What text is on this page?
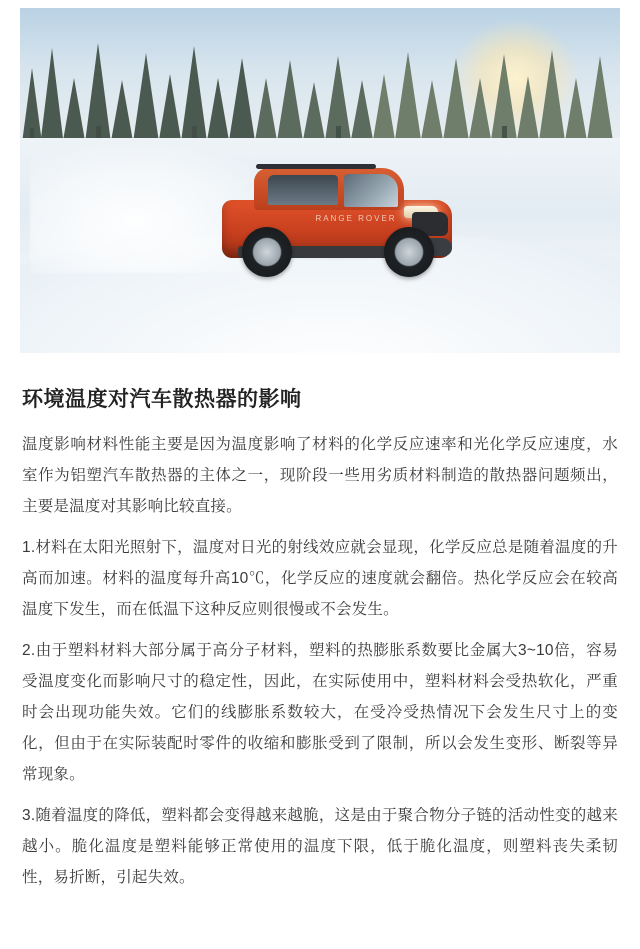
RANGE ROVER
环境温度对汽车散热器的影响

温度影响材料性能主要是因为温度影响了材料的化学反应速率和光化学反应速度，水室作为铝塑汽车散热器的主体之一，现阶段一些用劣质材料制造的散热器问题频出，主要是温度对其影响比较直接。

1.材料在太阳光照射下，温度对日光的射线效应就会显现，化学反应总是随着温度的升高而加速。材料的温度每升高10℃，化学反应的速度就会翻倍。热化学反应会在较高温度下发生，而在低温下这种反应则很慢或不会发生。

2.由于塑料材料大部分属于高分子材料，塑料的热膨胀系数要比金属大3~10倍，容易受温度变化而影响尺寸的稳定性，因此，在实际使用中，塑料材料会受热软化，严重时会出现功能失效。它们的线膨胀系数较大，在受冷受热情况下会发生尺寸上的变化，但由于在实际装配时零件的收缩和膨胀受到了限制，所以会发生变形、断裂等异常现象。

3.随着温度的降低，塑料都会变得越来越脆，这是由于聚合物分子链的活动性变的越来越小。脆化温度是塑料能够正常使用的温度下限，低于脆化温度，则塑料丧失柔韧性，易折断，引起失效。
